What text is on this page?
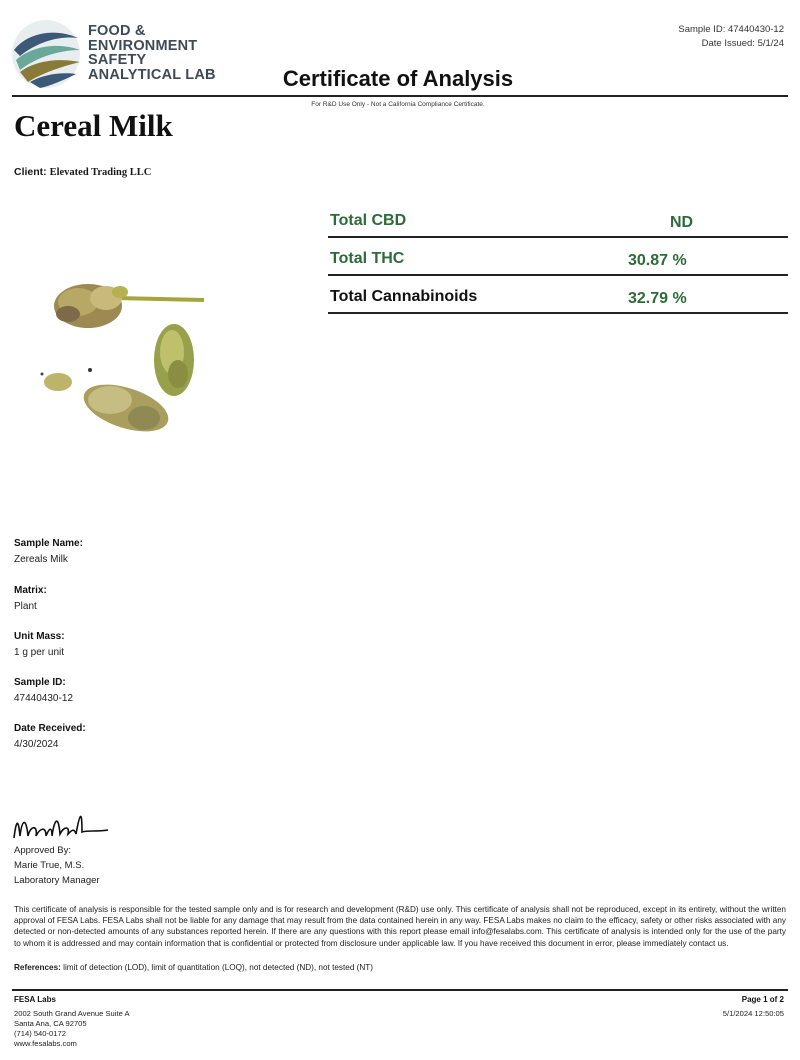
FOOD &
ENVIRONMENT
SAFETY
ANALYTICAL LAB
Sample ID: 47440430-12
Date Issued: 5/1/24
Certificate of Analysis
For R&D Use Only - Not a California Compliance Certificate.
Cereal Milk
Client: Elevated Trading LLC
Total CBD	ND
Total THC	30.87 %
Total Cannabinoids	32.79 %
Sample Name:
Zereals Milk
Matrix:
Plant
Unit Mass:
1 g per unit
Sample ID:
47440430-12
Date Received:
4/30/2024
Approved By:
Marie True, M.S.
Laboratory Manager
This certificate of analysis is responsible for the tested sample only and is for research and development (R&D) use only. This certificate of analysis shall not be reproduced, except in its entirety, without the written approval of FESA Labs. FESA Labs shall not be liable for any damage that may result from the data contained herein in any way. FESA Labs makes no claim to the efficacy, safety or other risks associated with any detected or non-detected amounts of any substances reported herein. If there are any questions with this report please email info@fesalabs.com. This certificate of analysis is intended only for the use of the party to whom it is addressed and may contain information that is confidential or protected from disclosure under applicable law. If you have received this document in error, please immediately contact us.
References: limit of detection (LOD), limit of quantitation (LOQ), not detected (ND), not tested (NT)
FESA Labs
2002 South Grand Avenue Suite A
Santa Ana, CA 92705
(714) 540-0172
www.fesalabs.com
Page 1 of 2
5/1/2024 12:50:05
